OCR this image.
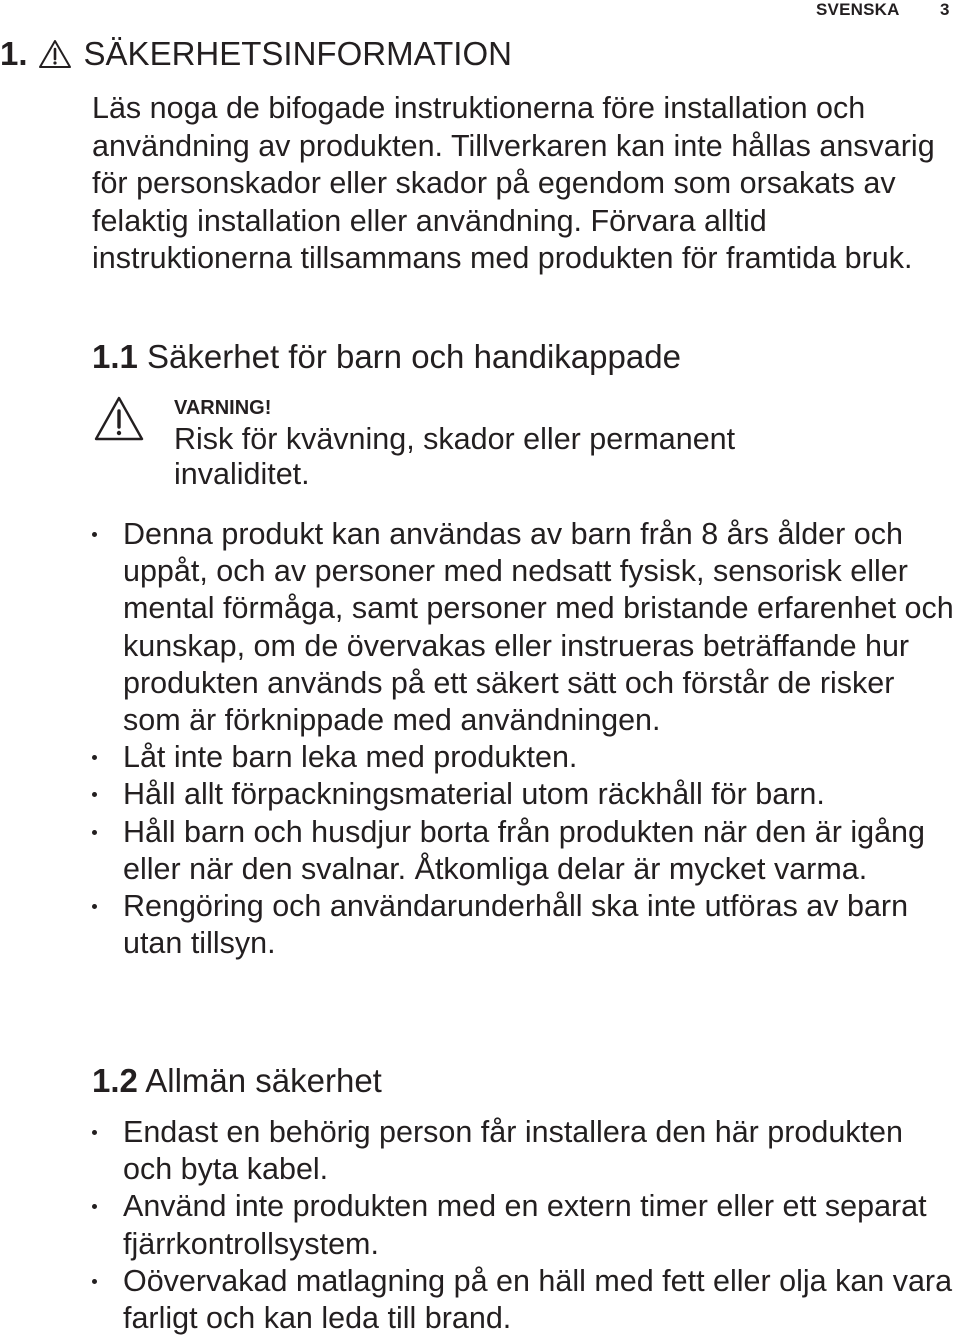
SVENSKA 3
1. SÄKERHETSINFORMATION

Läs noga de bifogade instruktionerna före installation och användning av produkten. Tillverkaren kan inte hållas ansvarig för personskador eller skador på egendom som orsakats av felaktig installation eller användning. Förvara alltid instruktionerna tillsammans med produkten för framtida bruk.

1.1 Säkerhet för barn och handikappade
VARNING!
Risk för kvävning, skador eller permanent invaliditet.
Denna produkt kan användas av barn från 8 års ålder och uppåt, och av personer med nedsatt fysisk, sensorisk eller mental förmåga, samt personer med bristande erfarenhet och kunskap, om de övervakas eller instrueras beträffande hur produkten används på ett säkert sätt och förstår de risker som är förknippade med användningen.
Låt inte barn leka med produkten.
Håll allt förpackningsmaterial utom räckhåll för barn.
Håll barn och husdjur borta från produkten när den är igång eller när den svalnar. Åtkomliga delar är mycket varma.
Rengöring och användarunderhåll ska inte utföras av barn utan tillsyn.
1.2 Allmän säkerhet
Endast en behörig person får installera den här produkten och byta kabel.
Använd inte produkten med en extern timer eller ett separat fjärrkontrollsystem.
Oövervakad matlagning på en häll med fett eller olja kan vara farligt och kan leda till brand.
